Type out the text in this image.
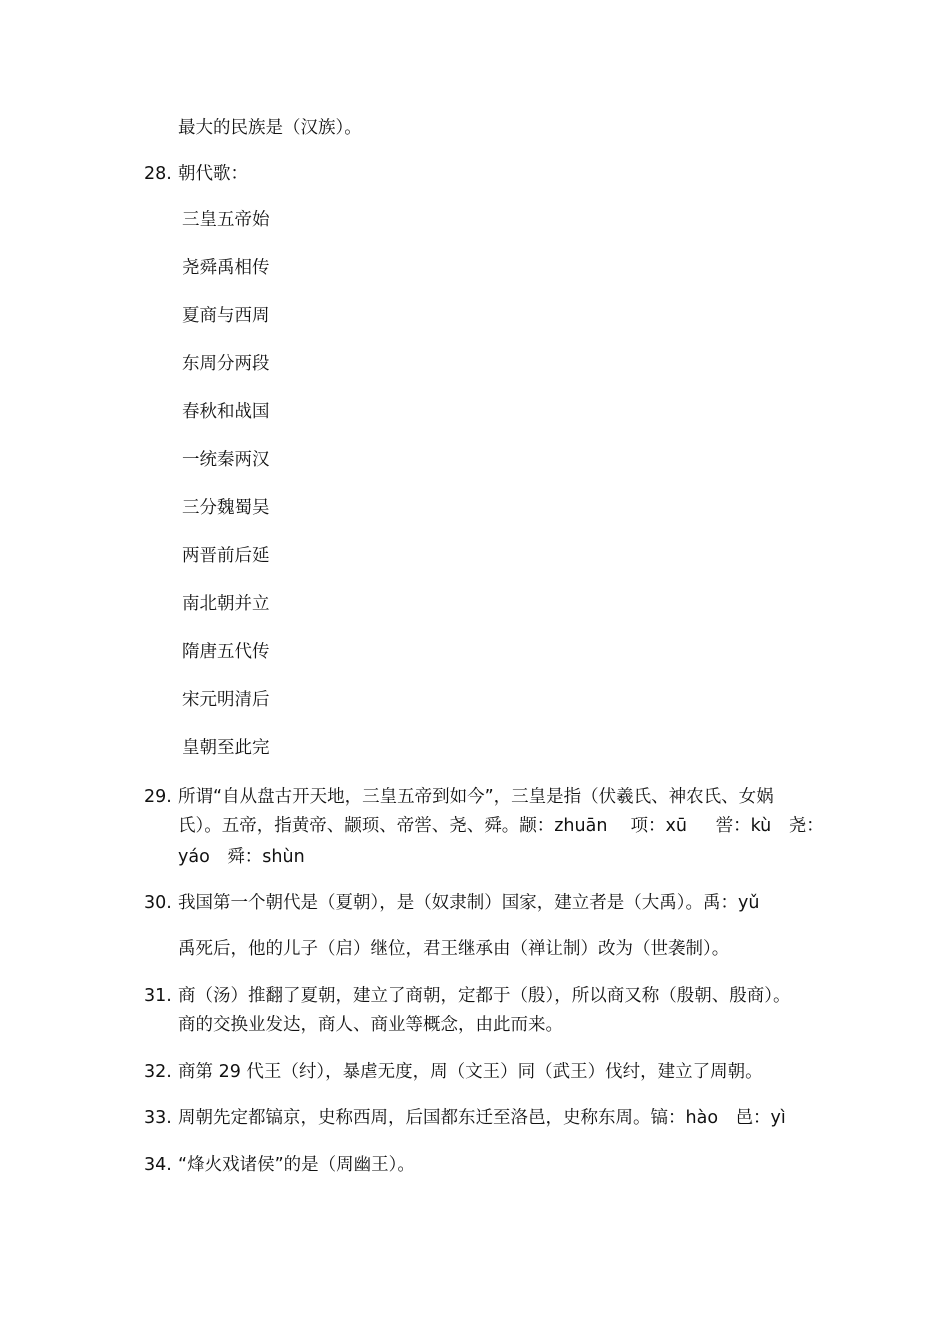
最大的民族是（汉族）。
28. 朝代歌：
三皇五帝始
尧舜禹相传
夏商与西周
东周分两段
春秋和战国
一统秦两汉
三分魏蜀吴
两晋前后延
南北朝并立
隋唐五代传
宋元明清后
皇朝至此完
29. 所谓“自从盘古开天地，三皇五帝到如今”，三皇是指（伏羲氏、神农氏、女娲
氏）。五帝，指黄帝、颛顼、帝喾、尧、舜。颛：zhuān　 项：xū 　 喾：kù　尧：
yáo　舜：shùn
30. 我国第一个朝代是（夏朝），是（奴隶制）国家，建立者是（大禹）。禹：yǔ
禹死后，他的儿子（启）继位，君王继承由（禅让制）改为（世袭制）。
31. 商（汤）推翻了夏朝，建立了商朝，定都于（殷），所以商又称（殷朝、殷商）。
商的交换业发达，商人、商业等概念，由此而来。
32. 商第 29 代王（纣），暴虐无度，周（文王）同（武王）伐纣，建立了周朝。
33. 周朝先定都镐京，史称西周，后国都东迁至洛邑，史称东周。镐：hào　邑：yì
34. “烽火戏诸侯”的是（周幽王）。
